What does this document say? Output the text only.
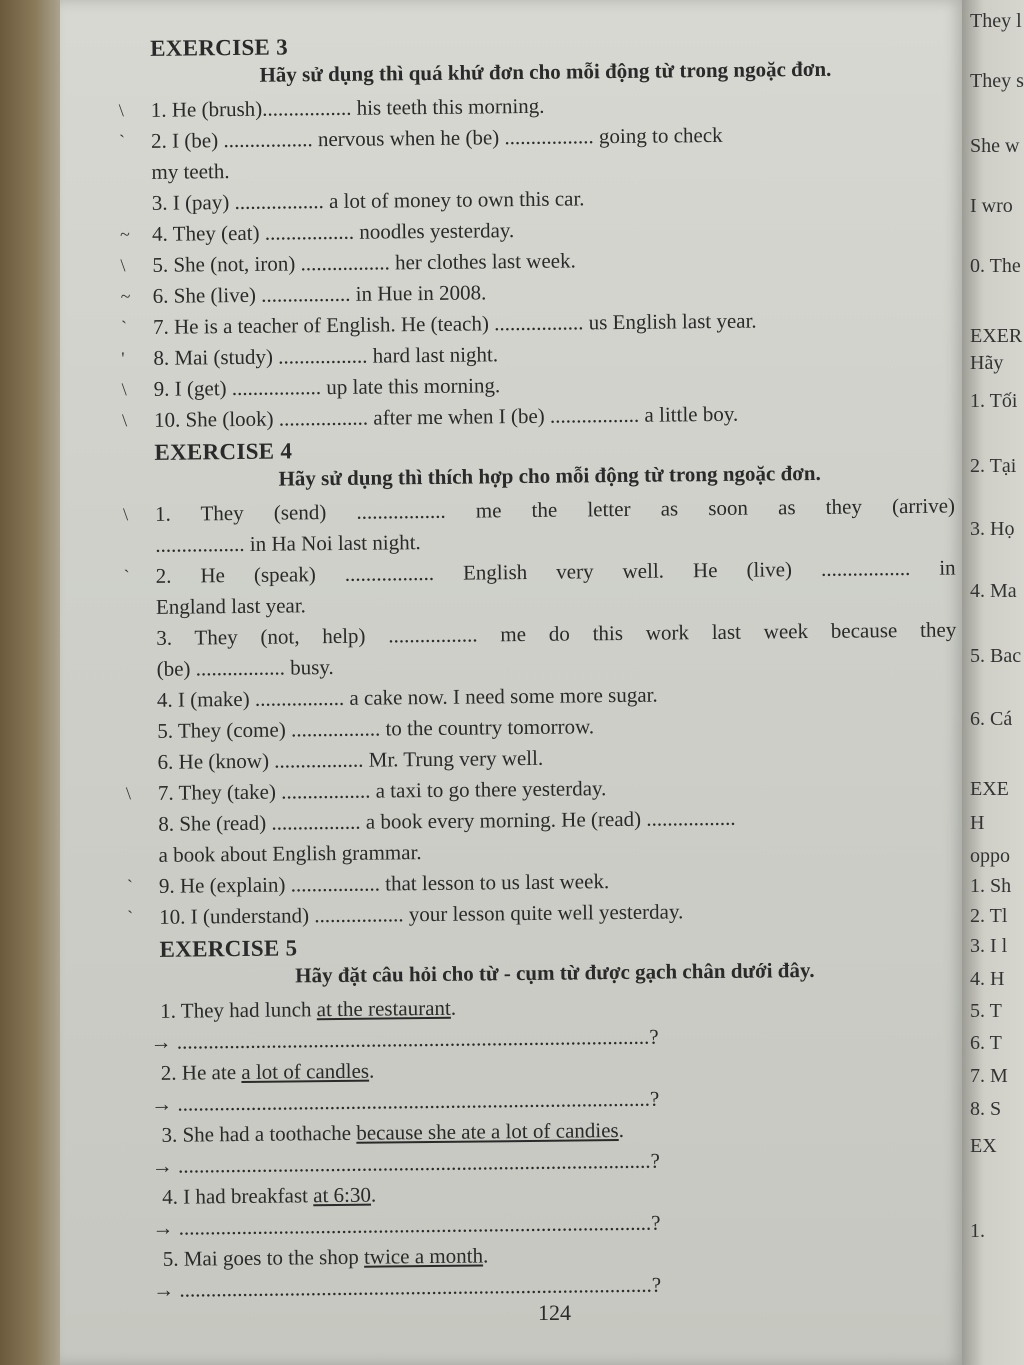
EXERCISE 3
Hãy sử dụng thì quá khứ đơn cho mỗi động từ trong ngoặc đơn.
\ 1. He (brush)................. his teeth this morning.
` 2. I (be) ................. nervous when he (be) ................. going to check
my teeth.
3. I (pay) ................. a lot of money to own this car.
~ 4. They (eat) ................. noodles yesterday.
\ 5. She (not, iron) ................. her clothes last week.
~ 6. She (live) ................. in Hue in 2008.
` 7. He is a teacher of English. He (teach) ................. us English last year.
' 8. Mai (study) ................. hard last night.
\ 9. I (get) ................. up late this morning.
\ 10. She (look) ................. after me when I (be) ................. a little boy.
EXERCISE 4
Hãy sử dụng thì thích hợp cho mỗi động từ trong ngoặc đơn.
\ 1. They (send) ................. me the letter as soon as they (arrive)
................. in Ha Noi last night.
` 2. He (speak) ................. English very well. He (live) ................. in
England last year.
3. They (not, help) ................. me do this work last week because they
(be) ................. busy.
4. I (make) ................. a cake now. I need some more sugar.
5. They (come) ................. to the country tomorrow.
6. He (know) ................. Mr. Trung very well.
\ 7. They (take) ................. a taxi to go there yesterday.
8. She (read) ................. a book every morning. He (read) .................
a book about English grammar.
` 9. He (explain) ................. that lesson to us last week.
` 10. I (understand) ................. your lesson quite well yesterday.
EXERCISE 5
Hãy đặt câu hỏi cho từ - cụm từ được gạch chân dưới đây.
1. They had lunch at the restaurant.
→ ..........................................................................................?
2. He ate a lot of candles.
→ ..........................................................................................?
3. She had a toothache because she ate a lot of candies.
→ ..........................................................................................?
4. I had breakfast at 6:30.
→ ..........................................................................................?
5. Mai goes to the shop twice a month.
→ ..........................................................................................?
124
They l
They s
She w
I wro
0. The
EXER
Hãy
1. Tối
2. Tại
3. Họ
4. Ma
5. Bac
6. Cá
EXE
H
oppo
1. Sh
2. Tl
3. I l
4. H
5. T
6. T
7. M
8. S
EX
1.
